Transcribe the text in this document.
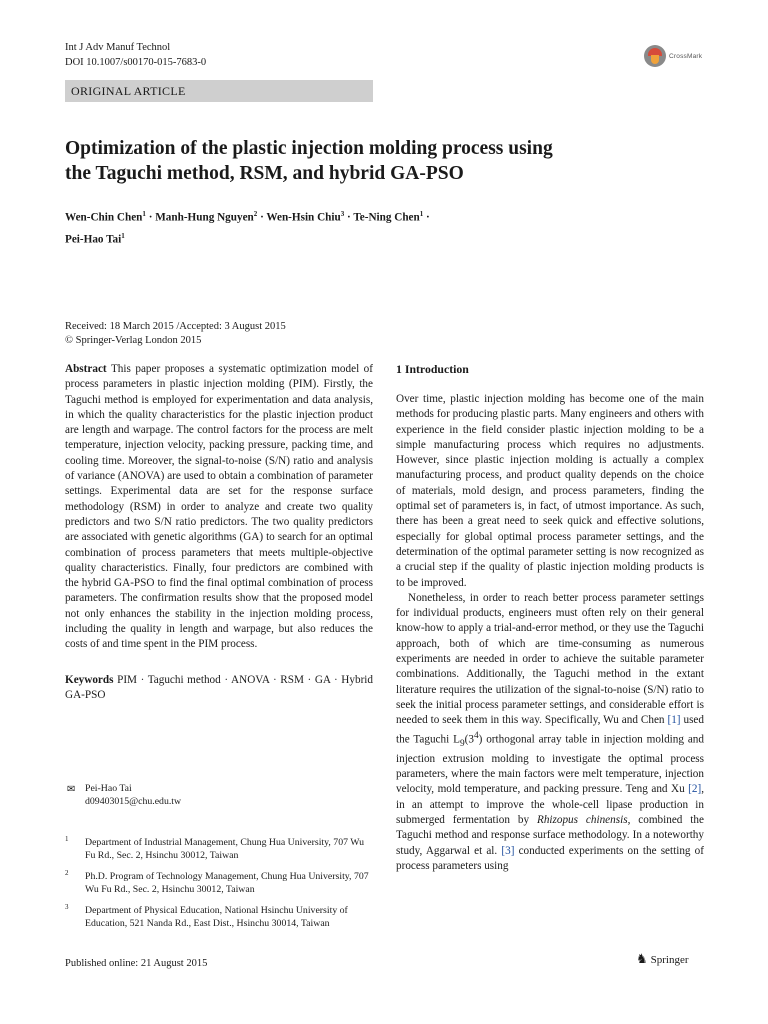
Int J Adv Manuf Technol
DOI 10.1007/s00170-015-7683-0
CrossMark
ORIGINAL ARTICLE
Optimization of the plastic injection molding process using
the Taguchi method, RSM, and hybrid GA-PSO
Wen-Chin Chen$^1$ · Manh-Hung Nguyen$^2$ · Wen-Hsin Chiu$^3$ · Te-Ning Chen$^1$ ·
Pei-Hao Tai$^1$
Received: 18 March 2015 /Accepted: 3 August 2015
© Springer-Verlag London 2015

Abstract This paper proposes a systematic optimization model of process parameters in plastic injection molding (PIM). Firstly, the Taguchi method is employed for experimentation and data analysis, in which the quality characteristics for the plastic injection product are length and warpage. The control factors for the process are melt temperature, injection velocity, packing pressure, packing time, and cooling time. Moreover, the signal-to-noise (S/N) ratio and analysis of variance (ANOVA) are used to obtain a combination of parameter settings. Experimental data are set for the response surface methodology (RSM) in order to analyze and create two quality predictors and two S/N ratio predictors. The two quality predictors are associated with genetic algorithms (GA) to search for an optimal combination of process parameters that meets multiple-objective quality characteristics. Finally, four predictors are combined with the hybrid GA-PSO to find the final optimal combination of process parameters. The confirmation results show that the proposed model not only enhances the stability in the injection molding process, including the quality in length and warpage, but also reduces the costs of and time spent in the PIM process.

Keywords PIM · Taguchi method · ANOVA · RSM · GA · Hybrid GA-PSO

✉ Pei-Hao Tai
d09403015@chu.edu.tw
1 Department of Industrial Management, Chung Hua University, 707 Wu Fu Rd., Sec. 2, Hsinchu 30012, Taiwan
2 Ph.D. Program of Technology Management, Chung Hua University, 707 Wu Fu Rd., Sec. 2, Hsinchu 30012, Taiwan
3 Department of Physical Education, National Hsinchu University of Education, 521 Nanda Rd., East Dist., Hsinchu 30014, Taiwan
1 Introduction

Over time, plastic injection molding has become one of the main methods for producing plastic parts. Many engineers and others with experience in the field consider plastic injection molding to be a simple manufacturing process which requires no adjustments. However, since plastic injection molding is actually a complex manufacturing process, and product quality depends on the choice of materials, mold design, and process parameters, finding the optimal set of parameters is, in fact, of utmost importance. As such, there has been a great need to seek quick and effective solutions, especially for global optimal process parameter settings, and the determination of the optimal parameter setting is now recognized as a crucial step if the quality of plastic injection molding products is to be improved.

Nonetheless, in order to reach better process parameter settings for individual products, engineers must often rely on their general know-how to apply a trial-and-error method, or they use the Taguchi approach, both of which are time-consuming as numerous experiments are needed in order to achieve the suitable parameter combinations. Additionally, the Taguchi method in the extant literature requires the utilization of the signal-to-noise (S/N) ratio to seek the initial process parameter settings, and considerable effort is needed to seek them in this way. Specifically, Wu and Chen [1] used the Taguchi $L_9(3^4)$ orthogonal array table in injection molding and injection extrusion molding to investigate the optimal process parameters, where the main factors were melt temperature, injection velocity, mold temperature, and packing pressure. Teng and Xu [2], in an attempt to improve the whole-cell lipase production in submerged fermentation by Rhizopus chinensis, combined the Taguchi method and response surface methodology. In a noteworthy study, Aggarwal et al. [3] conducted experiments on the setting of process parameters using

Published online: 21 August 2015	♞ Springer
